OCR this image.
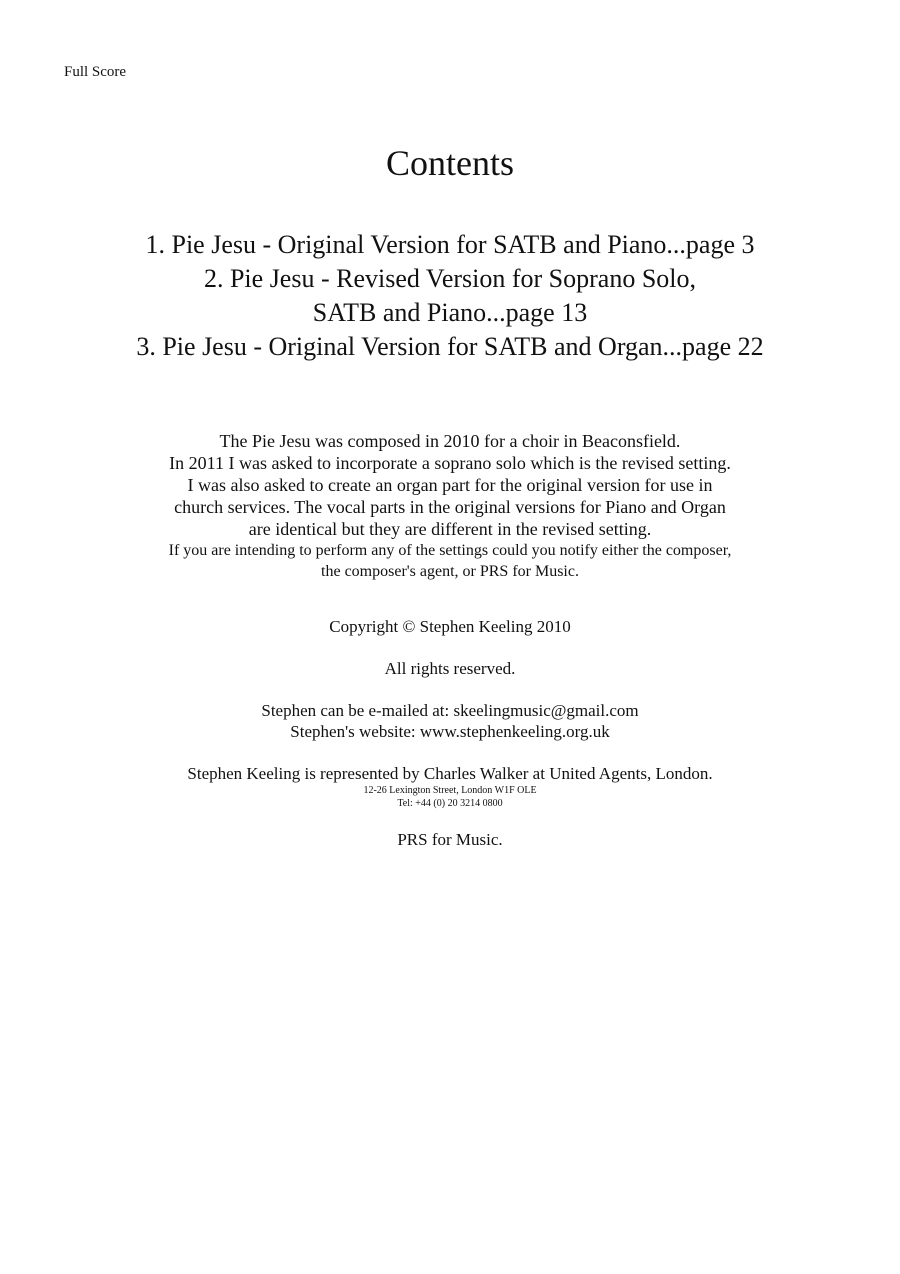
Full Score
Contents
1. Pie Jesu - Original Version for SATB and Piano...page 3
2. Pie Jesu - Revised Version for Soprano Solo,
SATB and Piano...page 13
3. Pie Jesu - Original Version for SATB and Organ...page 22
The Pie Jesu was composed in 2010 for a choir in Beaconsfield.
In 2011 I was asked to incorporate a soprano solo which is the revised setting.
I was also asked to create an organ part for the original version for use in
church services. The vocal parts in the original versions for Piano and Organ
are identical but they are different in the revised setting.
If you are intending to perform any of the settings could you notify either the composer,
the composer's agent, or PRS for Music.
Copyright © Stephen Keeling 2010
All rights reserved.
Stephen can be e-mailed at: skeelingmusic@gmail.com
Stephen's website: www.stephenkeeling.org.uk
Stephen Keeling is represented by Charles Walker at United Agents, London.
12-26 Lexington Street, London W1F OLE
Tel: +44 (0) 20 3214 0800
PRS for Music.
